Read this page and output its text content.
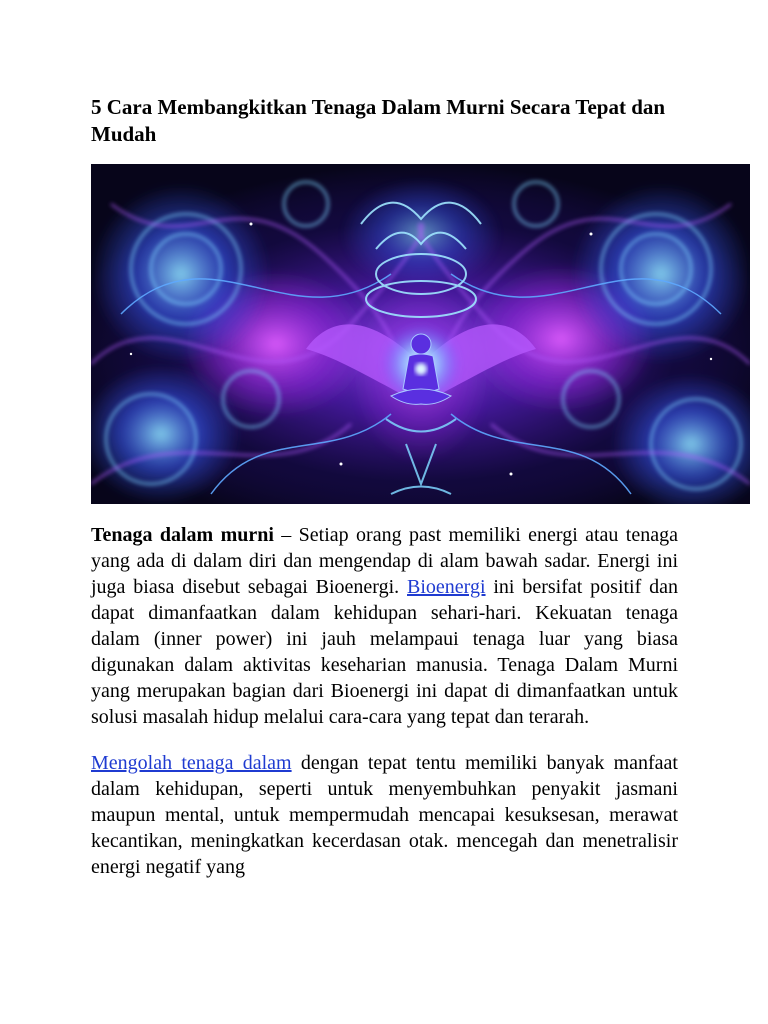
5 Cara Membangkitkan Tenaga Dalam Murni Secara Tepat dan Mudah

Tenaga dalam murni – Setiap orang past memiliki energi atau tenaga yang ada di dalam diri dan mengendap di alam bawah sadar. Energi ini juga biasa disebut sebagai Bioenergi. Bioenergi ini bersifat positif dan dapat dimanfaatkan dalam kehidupan sehari-hari. Kekuatan tenaga dalam (inner power) ini jauh melampaui tenaga luar yang biasa digunakan dalam aktivitas keseharian manusia. Tenaga Dalam Murni yang merupakan bagian dari Bioenergi ini dapat di dimanfaatkan untuk solusi masalah hidup melalui cara-cara yang tepat dan terarah.

Mengolah tenaga dalam dengan tepat tentu memiliki banyak manfaat dalam kehidupan, seperti untuk menyembuhkan penyakit jasmani maupun mental, untuk mempermudah mencapai kesuksesan, merawat kecantikan, meningkatkan kecerdasan otak. mencegah dan menetralisir energi negatif yang
